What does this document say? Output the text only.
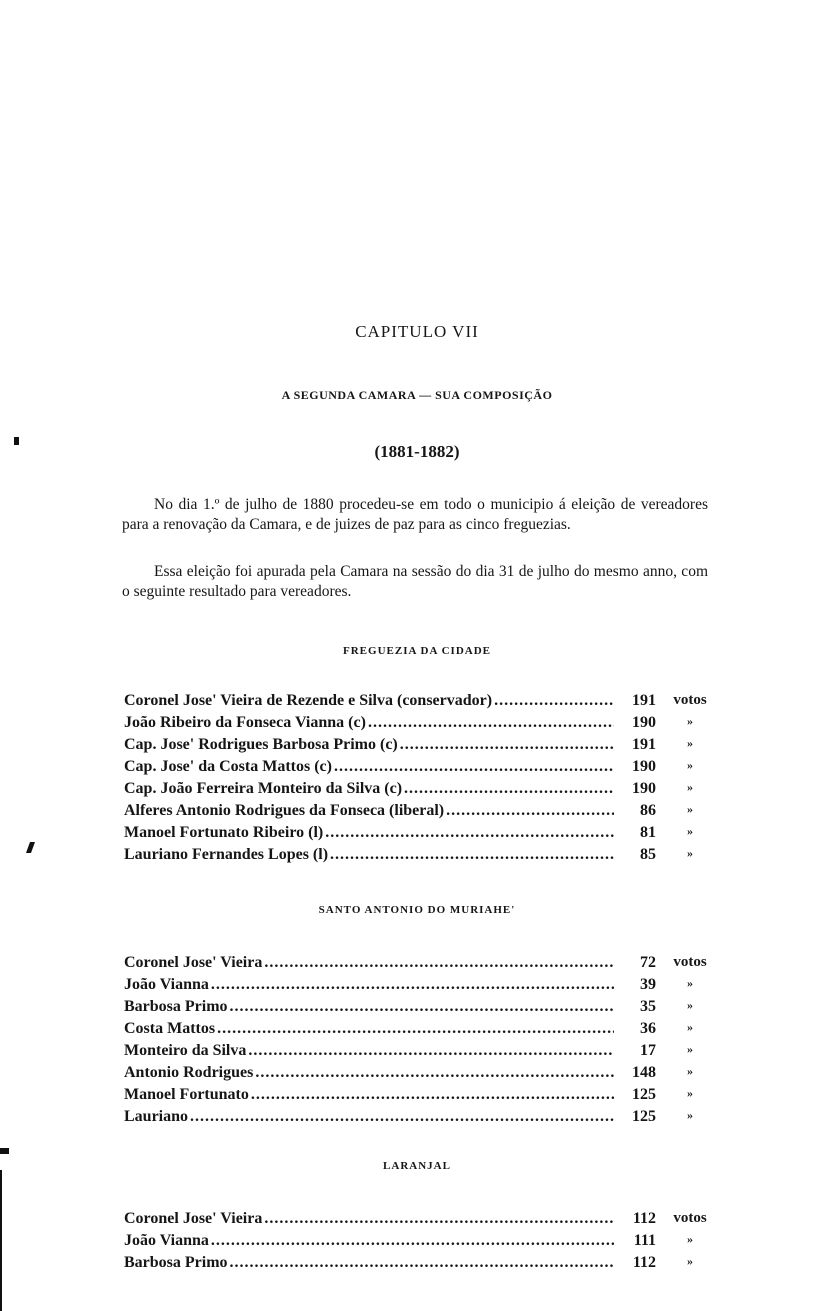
CAPITULO VII
A SEGUNDA CAMARA — SUA COMPOSIÇÃO
(1881-1882)
No dia 1.º de julho de 1880 procedeu-se em todo o municipio á eleição de vereadores para a renovação da Camara, e de juizes de paz para as cinco freguezias.
Essa eleição foi apurada pela Camara na sessão do dia 31 de julho do mesmo anno, com o seguinte resultado para vereadores.
FREGUEZIA DA CIDADE
Coronel Jose' Vieira de Rezende e Silva (conservador) .....	191	votos
João Ribeiro da Fonseca Vianna (c) .....	190	»
Cap. Jose' Rodrigues Barbosa Primo (c) .....	191	»
Cap. Jose' da Costa Mattos (c) .....	190	»
Cap. João Ferreira Monteiro da Silva (c) .....	190	»
Alferes Antonio Rodrigues da Fonseca (liberal) .....	86	»
Manoel Fortunato Ribeiro (l) .....	81	»
Lauriano Fernandes Lopes (l) .....	85	»
SANTO ANTONIO DO MURIAHE'
Coronel Jose' Vieira .....	72	votos
João Vianna .....	39	»
Barbosa Primo .....	35	»
Costa Mattos .....	36	»
Monteiro da Silva .....	17	»
Antonio Rodrigues .....	148	»
Manoel Fortunato .....	125	»
Lauriano .....	125	»
LARANJAL
Coronel Jose' Vieira .....	112	votos
João Vianna .....	111	»
Barbosa Primo .....	112	»
